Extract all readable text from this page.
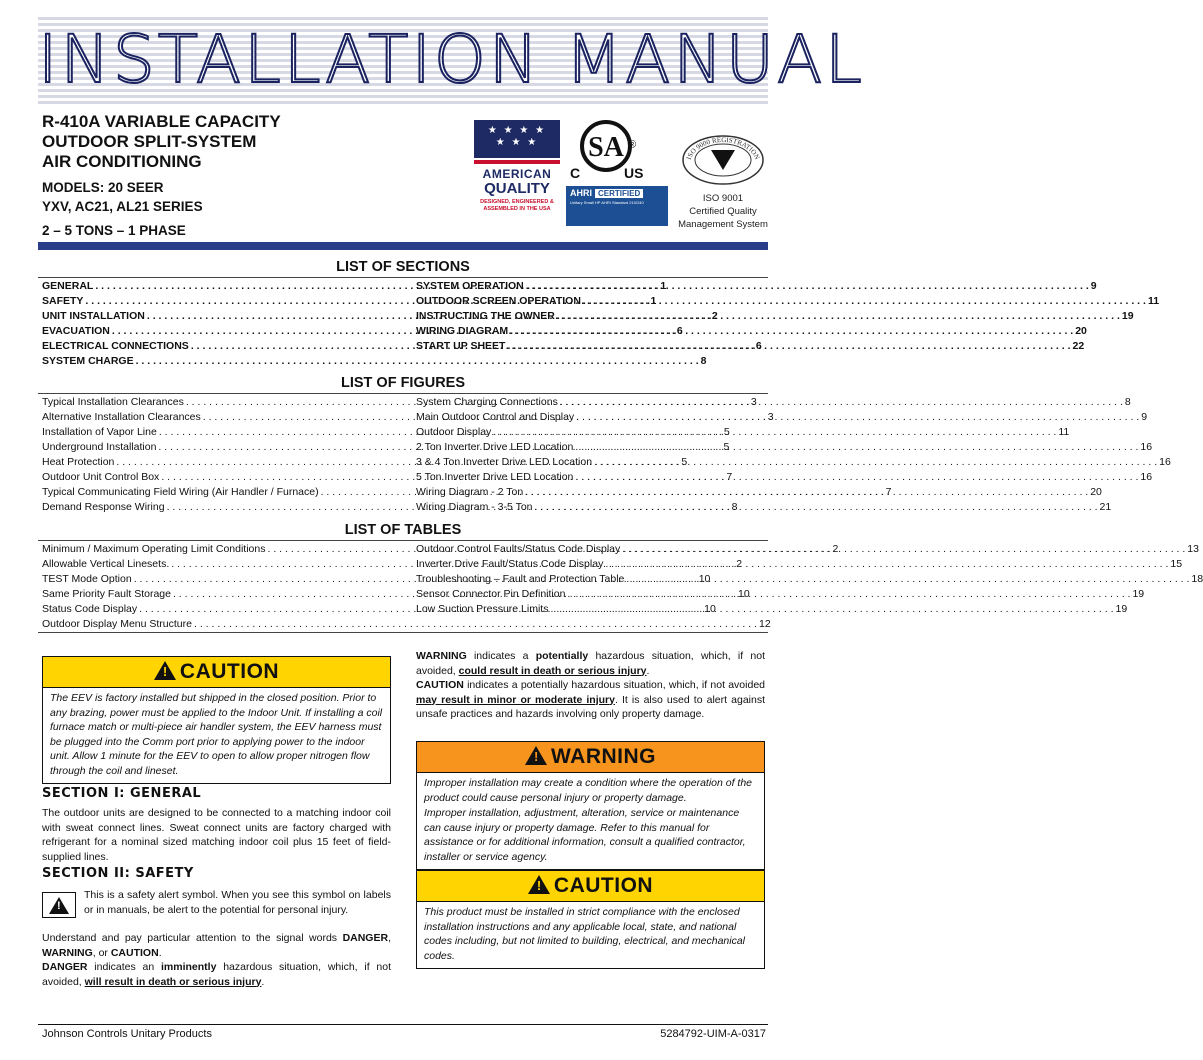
INSTALLATION MANUAL
R-410A VARIABLE CAPACITY
OUTDOOR SPLIT-SYSTEM
AIR CONDITIONING
MODELS: 20 SEER
YXV, AC21, AL21 SERIES
2 – 5 TONS – 1 PHASE
★ ★ ★ ★
★ ★ ★
AMERICAN
QUALITY
DESIGNED, ENGINEERED & ASSEMBLED IN THE USA
SA ®
C	US
AHRI CERTIFIED
Unitary Small HP AHRI Standard 210/240
ISO 9000 REGISTRATION
ISO 9001
Certified Quality
Management System
LIST OF SECTIONS
GENERAL . . .	1
SAFETY . . .	1
UNIT INSTALLATION . . .	2
EVACUATION . . .	6
ELECTRICAL CONNECTIONS . . .	6
SYSTEM CHARGE . . .	8
SYSTEM OPERATION . . .	9
OUTDOOR SCREEN OPERATION . . .	11
INSTRUCTING THE OWNER . . .	19
WIRING DIAGRAM . . .	20
START UP SHEET . . .	22
LIST OF FIGURES
Typical Installation Clearances . . .	3
Alternative Installation Clearances . . .	3
Installation of Vapor Line . . .	5
Underground Installation . . .	5
Heat Protection . . .	5
Outdoor Unit Control Box . . .	7
Typical Communicating Field Wiring (Air Handler / Furnace) . . .	7
Demand Response Wiring . . .	8
System Charging Connections . . .	8
Main Outdoor Control and Display . . .	9
Outdoor Display . . .	11
2 Ton Inverter Drive LED Location . . .	16
3 & 4 Ton Inverter Drive LED Location . . .	16
5 Ton Inverter Drive LED Location . . .	16
Wiring Diagram - 2 Ton . . .	20
Wiring Diagram - 3-5 Ton . . .	21
LIST OF TABLES
Minimum / Maximum Operating Limit Conditions . . .	2
Allowable Vertical Linesets. . . .	2
TEST Mode Option . . .	10
Same Priority Fault Storage . . .	10
Status Code Display . . .	10
Outdoor Display Menu Structure . . .	12
Outdoor Control Faults/Status Code Display . . .	13
Inverter Drive Fault/Status Code Display . . .	15
Troubleshooting – Fault and Protection Table . . .	18
Sensor Connector Pin Definition . . .	19
Low Suction Pressure Limits . . .	19
!CAUTION
The EEV is factory installed but shipped in the closed position. Prior to any brazing, power must be applied to the Indoor Unit. If installing a coil furnace match or multi-piece air handler system, the EEV harness must be plugged into the Comm port prior to applying power to the indoor unit. Allow 1 minute for the EEV to open to allow proper nitrogen flow through the coil and lineset.
SECTION I: GENERAL
The outdoor units are designed to be connected to a matching indoor coil with sweat connect lines. Sweat connect units are factory charged with refrigerant for a nominal sized matching indoor coil plus 15 feet of field-supplied lines.
SECTION II: SAFETY
!
This is a safety alert symbol. When you see this symbol on labels or in manuals, be alert to the potential for personal injury.
Understand and pay particular attention to the signal words DANGER, WARNING, or CAUTION.
DANGER indicates an imminently hazardous situation, which, if not avoided, will result in death or serious injury.
WARNING indicates a potentially hazardous situation, which, if not avoided, could result in death or serious injury.
CAUTION indicates a potentially hazardous situation, which, if not avoided may result in minor or moderate injury. It is also used to alert against unsafe practices and hazards involving only property damage.
!WARNING
Improper installation may create a condition where the operation of the product could cause personal injury or property damage.
Improper installation, adjustment, alteration, service or maintenance can cause injury or property damage. Refer to this manual for assistance or for additional information, consult a qualified contractor, installer or service agency.
!CAUTION
This product must be installed in strict compliance with the enclosed installation instructions and any applicable local, state, and national codes including, but not limited to building, electrical, and mechanical codes.
Johnson Controls Unitary Products	5284792-UIM-A-0317
